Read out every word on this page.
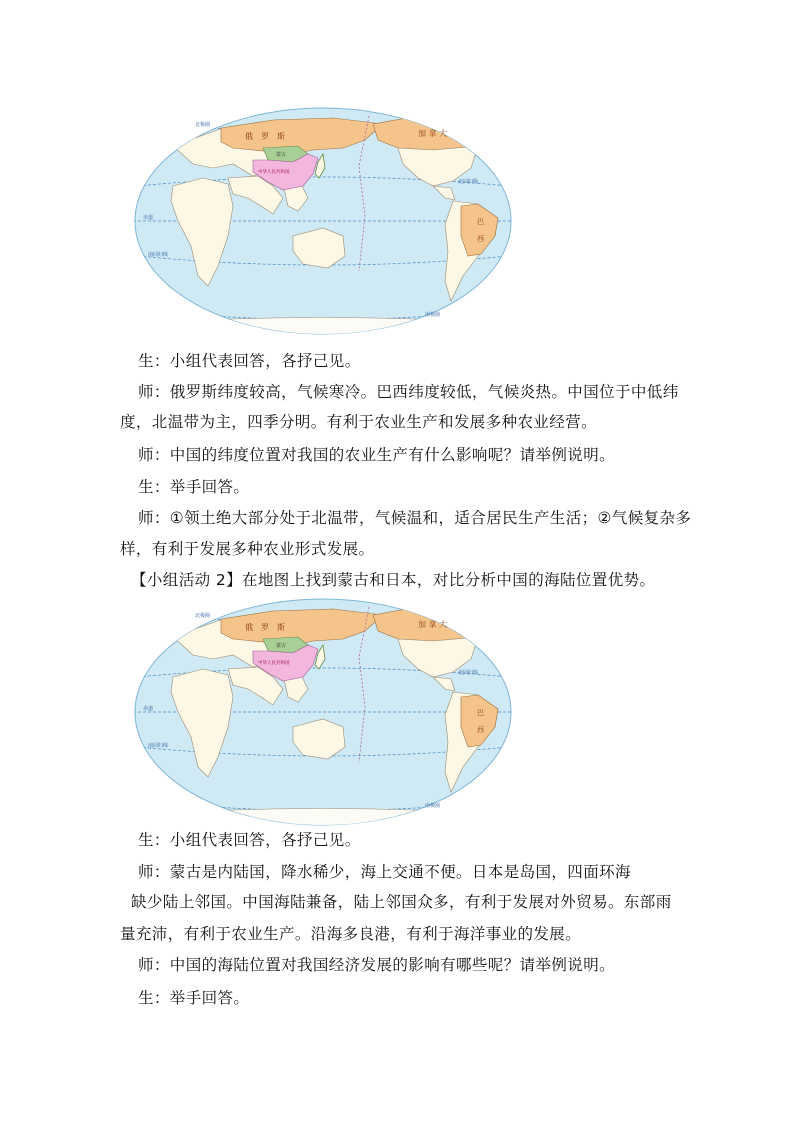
俄　罗　斯	加 拿 大
蒙古
中华人民共和国
巴
西
北极圈
北回归线
赤道
南回归线
南极圈
生：小组代表回答，各抒己见。
师：俄罗斯纬度较高，气候寒冷。巴西纬度较低，气候炎热。中国位于中低纬
度，北温带为主，四季分明。有利于农业生产和发展多种农业经营。
师：中国的纬度位置对我国的农业生产有什么影响呢？请举例说明。
生：举手回答。
师：①领土绝大部分处于北温带，气候温和，适合居民生产生活；②气候复杂多
样，有利于发展多种农业形式发展。
【小组活动 2】在地图上找到蒙古和日本，对比分析中国的海陆位置优势。
俄　罗　斯	加 拿 大
蒙古
中华人民共和国
巴
西
北极圈
北回归线
赤道
南回归线
南极圈
生：小组代表回答，各抒己见。
师：蒙古是内陆国，降水稀少，海上交通不便。日本是岛国，四面环海
缺少陆上邻国。中国海陆兼备，陆上邻国众多，有利于发展对外贸易。东部雨
量充沛，有利于农业生产。沿海多良港，有利于海洋事业的发展。
师：中国的海陆位置对我国经济发展的影响有哪些呢？请举例说明。
生：举手回答。
